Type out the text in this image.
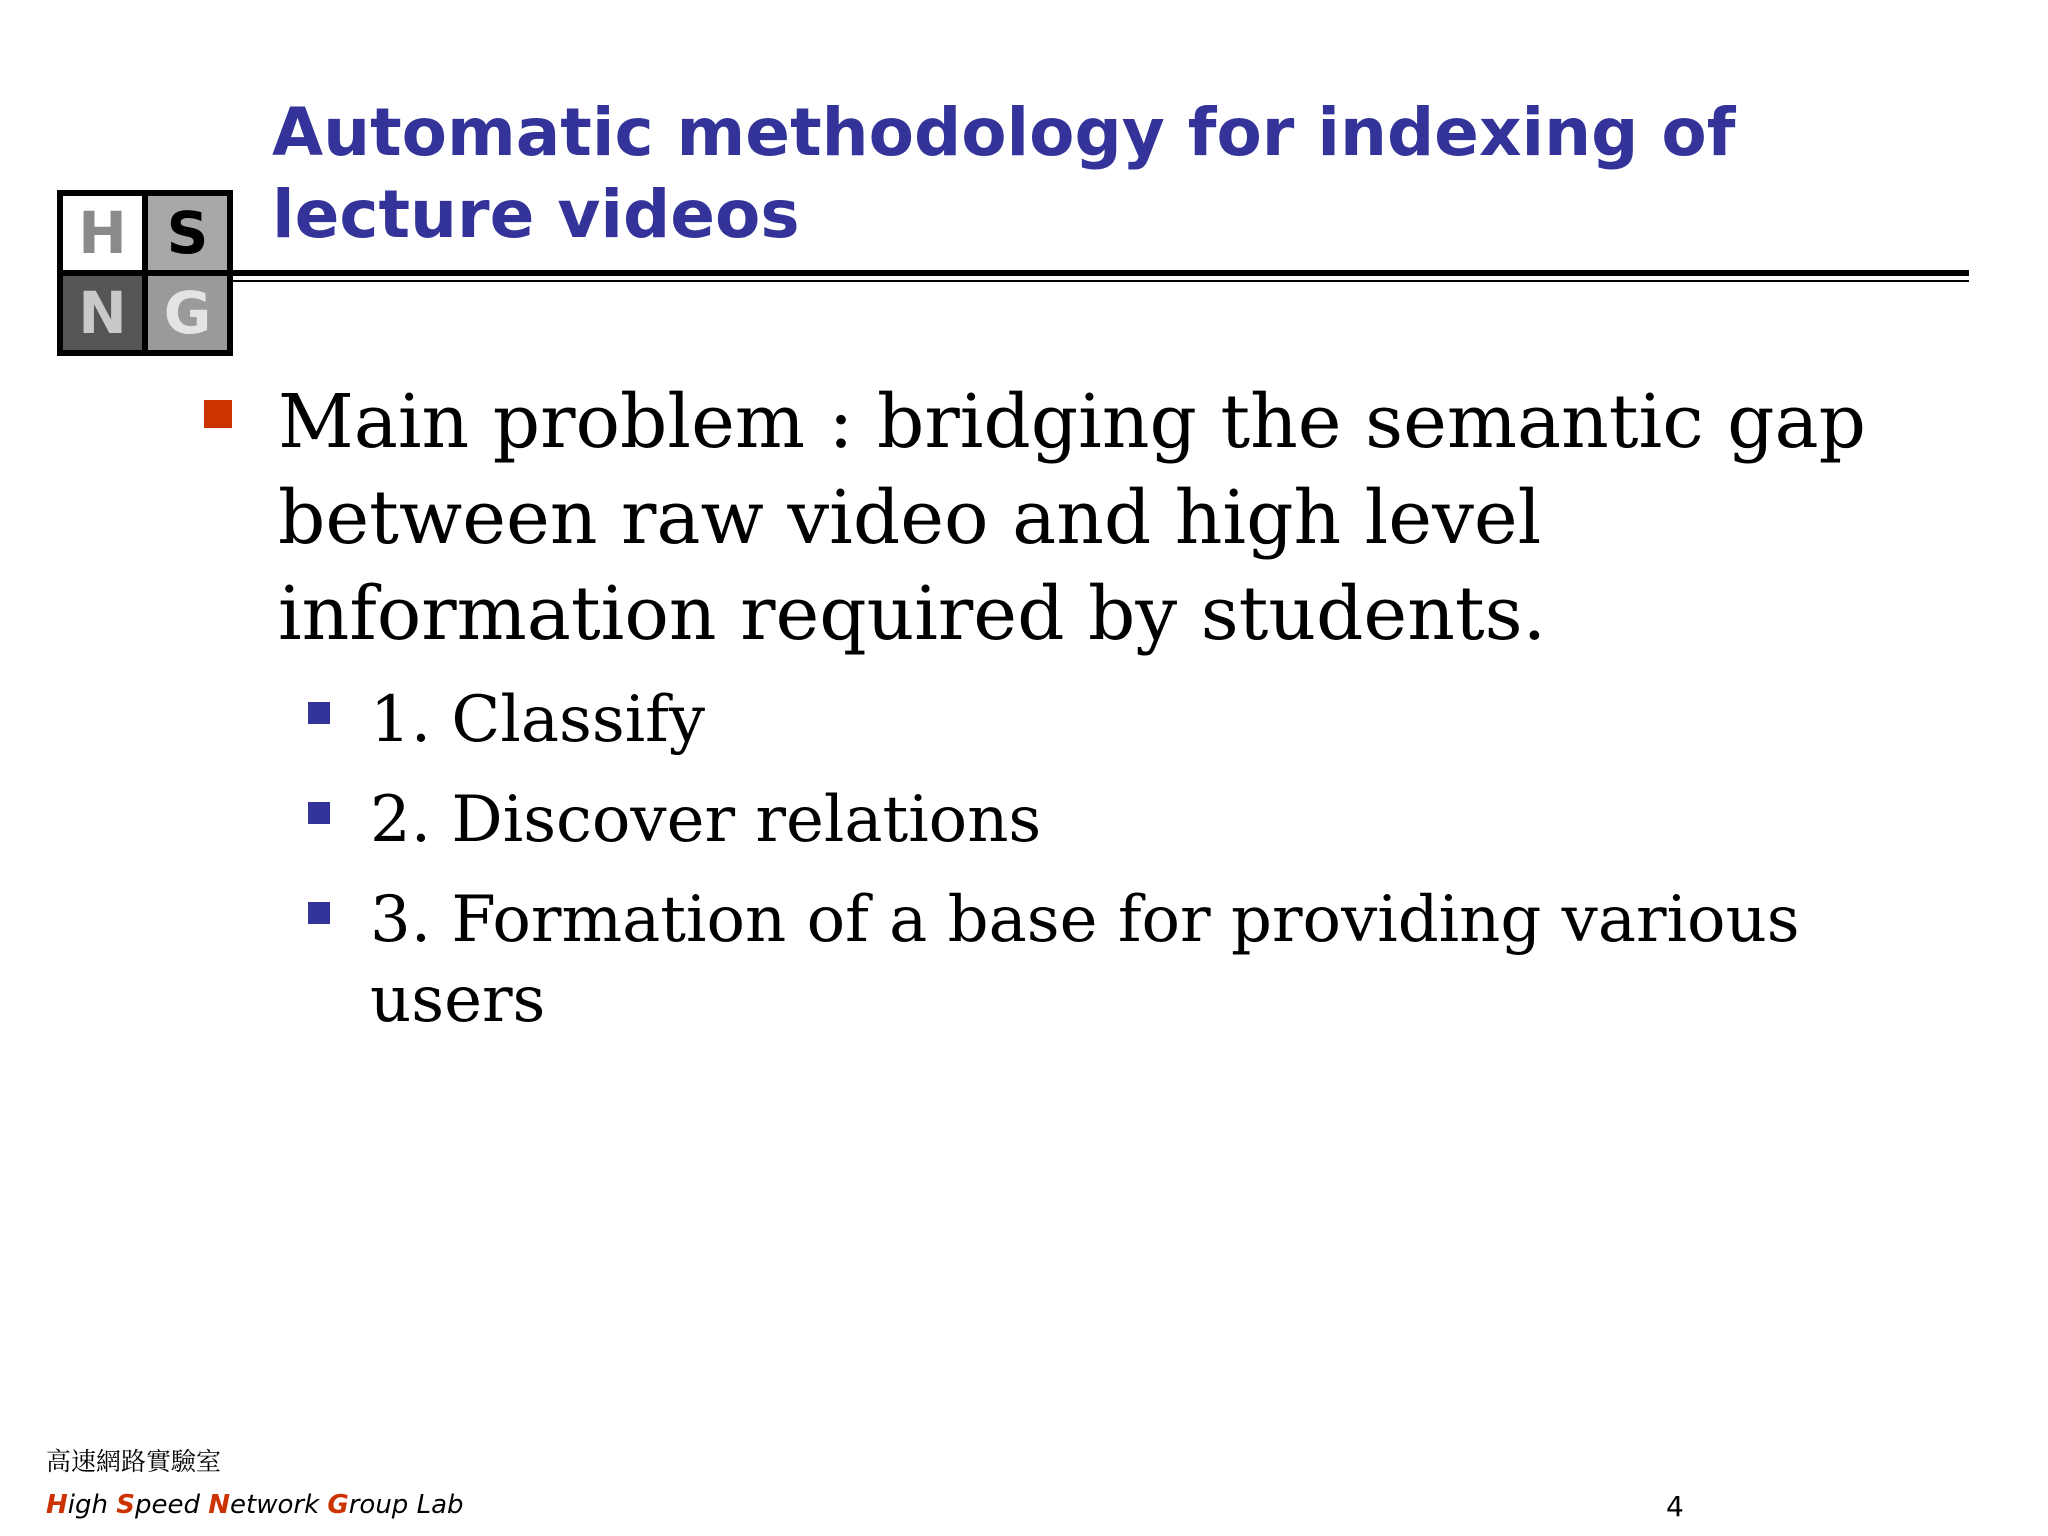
H S
N G
Automatic methodology for indexing of lecture videos
Main problem : bridging the semantic gap between raw video and high level information required by students.
1. Classify
2. Discover relations
3. Formation of a base for providing various users
高速網路實驗室
High Speed Network Group Lab	4
